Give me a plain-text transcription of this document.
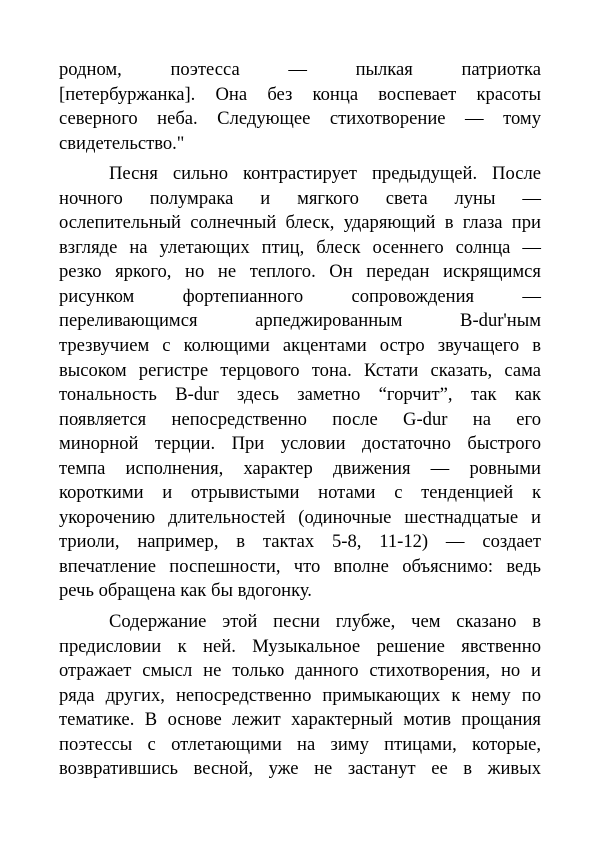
родном, поэтесса — пылкая патриотка
[петербуржанка]. Она без конца воспевает красоты
северного неба. Следующее стихотворение — тому
свидетельство."
Песня сильно контрастирует предыдущей. После
ночного полумрака и мягкого света луны —
ослепительный солнечный блеск, ударяющий в глаза при
взгляде на улетающих птиц, блеск осеннего солнца —
резко яркого, но не теплого. Он передан искрящимся
рисунком фортепианного сопровождения —
переливающимся арпеджированным B-dur'ным
трезвучием с колющими акцентами остро звучащего в
высоком регистре терцового тона. Кстати сказать, сама
тональность B-dur здесь заметно “горчит”, так как
появляется непосредственно после G-dur на его
минорной терции. При условии достаточно быстрого
темпа исполнения, характер движения — ровными
короткими и отрывистыми нотами с тенденцией к
укорочению длительностей (одиночные шестнадцатые и
триоли, например, в тактах 5-8, 11-12) — создает
впечатление поспешности, что вполне объяснимо: ведь
речь обращена как бы вдогонку.
Содержание этой песни глубже, чем сказано в
предисловии к ней. Музыкальное решение явственно
отражает смысл не только данного стихотворения, но и
ряда других, непосредственно примыкающих к нему по
тематике. В основе лежит характерный мотив прощания
поэтессы с отлетающими на зиму птицами, которые,
возвратившись весной, уже не застанут ее в живых
